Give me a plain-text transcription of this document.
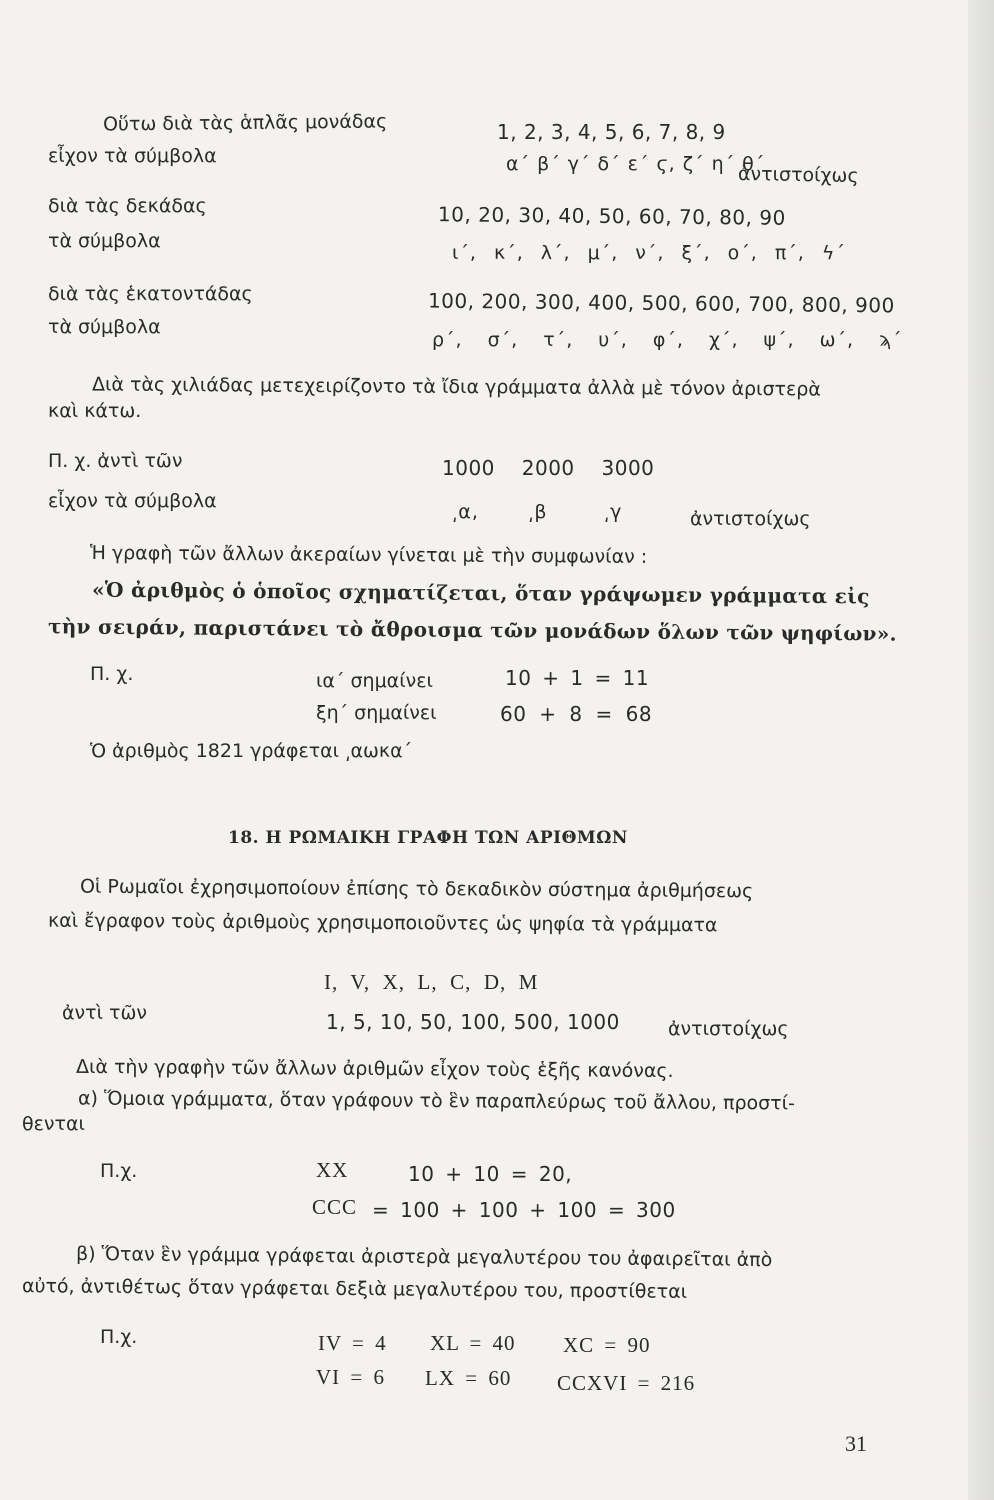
Οὕτω διὰ τὰς ἁπλᾶς μονάδας	1, 2, 3, 4, 5, 6, 7, 8, 9
εἶχον τὰ σύμβολα	α΄ β΄ γ΄ δ΄ ε΄ ϛ, ζ΄ η΄ θ΄
ἀντιστοίχως
διὰ τὰς δεκάδας	10, 20, 30, 40, 50, 60, 70, 80, 90
τὰ σύμβολα
ι΄, κ΄, λ΄, μ΄, ν΄, ξ΄, ο΄, π΄, ϟ΄
διὰ τὰς ἑκατοντάδας	100, 200, 300, 400, 500, 600, 700, 800, 900
τὰ σύμβολα
ρ΄, σ΄, τ΄, υ΄, φ΄, χ΄, ψ΄, ω΄, ϡ΄
Διὰ τὰς χιλιάδας μετεχειρίζοντο τὰ ἴδια γράμματα ἀλλὰ μὲ τόνον ἀριστερὰ
καὶ κάτω.
Π. χ. ἀντὶ τῶν	1000 2000 3000
εἶχον τὰ σύμβολα	͵α,       ͵β        ͵γ	ἀντιστοίχως
Ἡ γραφὴ τῶν ἄλλων ἀκεραίων γίνεται μὲ τὴν συμφωνίαν :
«Ὁ ἀριθμὸς ὁ ὁποῖος σχηματίζεται, ὅταν γράψωμεν γράμματα εἰς
τὴν σειράν, παριστάνει τὸ ἄθροισμα τῶν μονάδων ὅλων τῶν ψηφίων».
Π. χ.	ια΄ σημαίνει	10 + 1 = 11
ξη΄ σημαίνει	60 + 8 = 68
Ὁ ἀριθμὸς 1821 γράφεται ͵αωκα΄
18. Η ΡΩΜΑΙΚΗ ΓΡΑΦΗ ΤΩΝ ΑΡΙΘΜΩΝ
Οἱ Ρωμαῖοι ἐχρησιμοποίουν ἐπίσης τὸ δεκαδικὸν σύστημα ἀριθμήσεως
καὶ ἔγραφον τοὺς ἀριθμοὺς χρησιμοποιοῦντες ὡς ψηφία τὰ γράμματα
I,  V,  X,  L,  C,  D,  M
ἀντὶ τῶν	1, 5, 10, 50, 100, 500, 1000	ἀντιστοίχως
Διὰ τὴν γραφὴν τῶν ἄλλων ἀριθμῶν εἶχον τοὺς ἑξῆς κανόνας.
α) Ὅμοια γράμματα, ὅταν γράφουν τὸ ἓν παραπλεύρως τοῦ ἄλλου, προστί-
θενται
Π.χ.	XX	10 + 10 = 20,
CCC = 100 + 100 + 100 = 300
β) Ὅταν ἓν γράμμα γράφεται ἀριστερὰ μεγαλυτέρου του ἀφαιρεῖται ἀπὸ
αὐτό, ἀντιθέτως ὅταν γράφεται δεξιὰ μεγαλυτέρου του, προστίθεται
Π.χ.	IV = 4 XL = 40 XC = 90
VI = 6 LX = 60 CCXVI = 216
31
